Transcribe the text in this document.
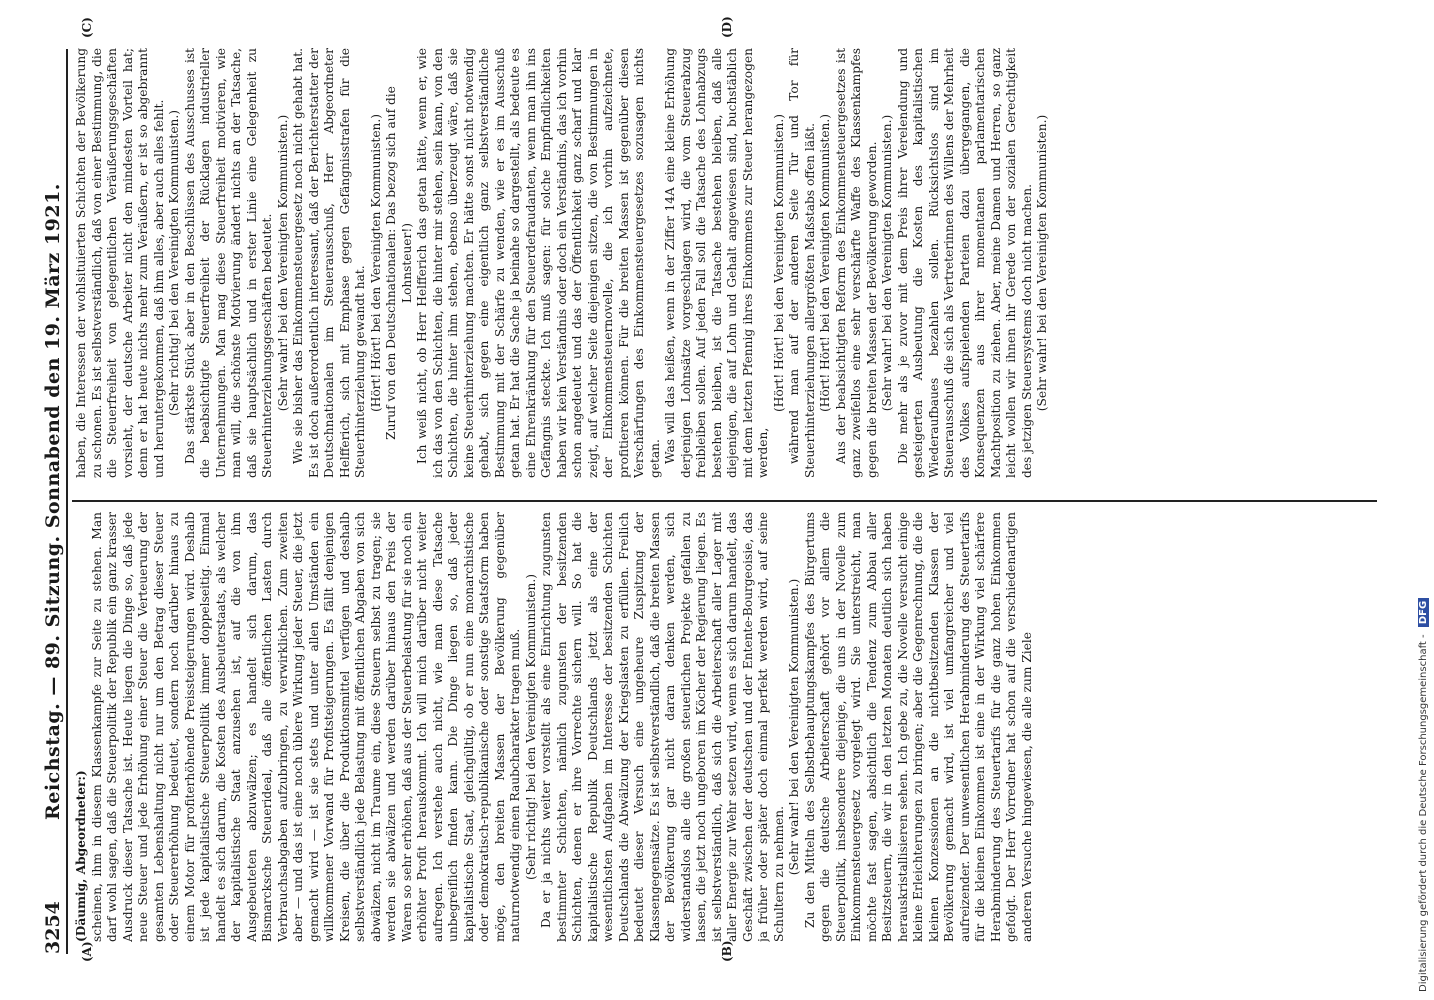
3254
Reichstag. — 89. Sitzung. Sonnabend den 19. März 1921.
(A)	(B)
(C)	(D)

(Däumig, Abgeordneter:) scheinen, ihm in diesem Klassenkampfe zur Seite zu stehen. Man darf wohl sagen, daß die Steuerpolitik der Republik ein ganz krasser Ausdruck dieser Tatsache ist. Heute liegen die Dinge so, daß jede neue Steuer und jede Erhöhung einer Steuer die Verteuerung der gesamten Lebenshaltung nicht nur um den Betrag dieser Steuer oder Steuererhöhung bedeutet, sondern noch darüber hinaus zu einem Motor für profiterhöhende Preissteigerungen wird. Deshalb ist jede kapitalistische Steuerpolitik immer doppelseitig. Einmal handelt es sich darum, die Kosten des Ausbeuterstaats, als welcher der kapitalistische Staat anzusehen ist, auf die von ihm Ausgebeuteten abzuwälzen; es handelt sich darum, das Bismarcksche Steuerideal, daß alle öffentlichen Lasten durch Verbrauchsabgaben aufzubringen, zu verwirklichen. Zum zweiten aber — und das ist eine noch üblere Wirkung jeder Steuer, die jetzt gemacht wird — ist sie stets und unter allen Umständen ein willkommener Vorwand für Profitsteigerungen. Es fällt denjenigen Kreisen, die über die Produktionsmittel verfügen und deshalb selbstverständlich jede Belastung mit öffentlichen Abgaben von sich abwälzen, nicht im Traume ein, diese Steuern selbst zu tragen; sie werden sie abwälzen und werden darüber hinaus den Preis der Waren so sehr erhöhen, daß aus der Steuerbelastung für sie noch ein erhöhter Profit herauskommt. Ich will mich darüber nicht weiter aufregen. Ich verstehe auch nicht, wie man diese Tatsache unbegreiflich finden kann. Die Dinge liegen so, daß jeder kapitalistische Staat, gleichgültig, ob er nun eine monarchistische oder demokratisch-republikanische oder sonstige Staatsform haben möge, den breiten Massen der Bevölkerung gegenüber naturnotwendig einen Raubcharakter tragen muß. (Sehr richtig! bei den Vereinigten Kommunisten.) Da er ja nichts weiter vorstellt als eine Einrichtung zugunsten bestimmter Schichten, nämlich zugunsten der besitzenden Schichten, denen er ihre Vorrechte sichern will. So hat die kapitalistische Republik Deutschlands jetzt als eine der wesentlichsten Aufgaben im Interesse der besitzenden Schichten Deutschlands die Abwälzung der Kriegslasten zu erfüllen. Freilich bedeutet dieser Versuch eine ungeheure Zuspitzung der Klassengegensätze. Es ist selbstverständlich, daß die breiten Massen der Bevölkerung gar nicht daran denken werden, sich widerstandslos alle die großen steuerlichen Projekte gefallen zu lassen, die jetzt noch ungeboren im Köcher der Regierung liegen. Es ist selbstverständlich, daß sich die Arbeiterschaft aller Lager mit aller Energie zur Wehr setzen wird, wenn es sich darum handelt, das Geschäft zwischen der deutschen und der Entente-Bourgeoisie, das ja früher oder später doch einmal perfekt werden wird, auf seine Schultern zu nehmen. (Sehr wahr! bei den Vereinigten Kommunisten.) Zu den Mitteln des Selbstbehauptungskampfes des Bürgertums gegen die deutsche Arbeiterschaft gehört vor allem die Steuerpolitik, insbesondere diejenige, die uns in der Novelle zum Einkommensteuergesetz vorgelegt wird. Sie unterstreicht, man möchte fast sagen, absichtlich die Tendenz zum Abbau aller Besitzsteuern, die wir in den letzten Monaten deutlich sich haben herauskristallisieren sehen. Ich gebe zu, die Novelle versucht einige kleine Erleichterungen zu bringen; aber die Gegenrechnung, die die kleinen Konzessionen an die nichtbesitzenden Klassen der Bevölkerung gemacht wird, ist viel umfangreicher und viel aufreizender. Der unwesentlichen Herabminderung des Steuertarifs für die kleinen Einkommen ist eine in der Wirkung viel schärfere Herabminderung des Steuertarifs für die ganz hohen Einkommen gefolgt. Der Herr Vorredner hat schon auf die verschiedenartigen anderen Versuche hingewiesen, die alle zum Ziele

haben, die Interessen der wohlsituierten Schichten der Bevölkerung zu schonen. Es ist selbstverständlich, daß von einer Bestimmung, die die Steuerfreiheit von gelegentlichen Veräußerungsgeschäften vorsieht, der deutsche Arbeiter nicht den mindesten Vorteil hat; denn er hat heute nichts mehr zum Veräußern, er ist so abgebrannt und heruntergekommen, daß ihm alles, aber auch alles fehlt. (Sehr richtig! bei den Vereinigten Kommunisten.) Das stärkste Stück aber in den Beschlüssen des Ausschusses ist die beabsichtigte Steuerfreiheit der Rücklagen industrieller Unternehmungen. Man mag diese Steuerfreiheit motivieren, wie man will, die schönste Motivierung ändert nichts an der Tatsache, daß sie hauptsächlich und in erster Linie eine Gelegenheit zu Steuerhinterziehungsgeschäften bedeutet. (Sehr wahr! bei den Vereinigten Kommunisten.) Wie sie bisher das Einkommensteuergesetz noch nicht gehabt hat. Es ist doch außerordentlich interessant, daß der Berichterstatter der Deutschnationalen im Steuerausschuß, Herr Abgeordneter Helfferich, sich mit Emphase gegen Gefängnisstrafen für die Steuerhinterziehung gewandt hat. (Hört! Hört! bei den Vereinigten Kommunisten.) Zuruf von den Deutschnationalen: Das bezog sich auf die Lohnsteuer!) Ich weiß nicht, ob Herr Helfferich das getan hätte, wenn er, wie ich das von den Schichten, die hinter mir stehen, sein kann, von den Schichten, die hinter ihm stehen, ebenso überzeugt wäre, daß sie keine Steuerhinterziehung machten. Er hätte sonst nicht notwendig gehabt, sich gegen eine eigentlich ganz selbstverständliche Bestimmung mit der Schärfe zu wenden, wie er es im Ausschuß getan hat. Er hat die Sache ja beinahe so dargestellt, als bedeute es eine Ehrenkränkung für den Steuerdefraudanten, wenn man ihn ins Gefängnis steckte. Ich muß sagen: für solche Empfindlichkeiten haben wir kein Verständnis oder doch ein Verständnis, das ich vorhin schon angedeutet und das der Öffentlichkeit ganz scharf und klar zeigt, auf welcher Seite diejenigen sitzen, die von Bestimmungen in der Einkommensteuernovelle, die ich vorhin aufzeichnete, profitieren können. Für die breiten Massen ist gegenüber diesen Verschärfungen des Einkommensteuergesetzes sozusagen nichts getan. Was will das heißen, wenn in der Ziffer 14A eine kleine Erhöhung derjenigen Lohnsätze vorgeschlagen wird, die vom Steuerabzug freibleiben sollen. Auf jeden Fall soll die Tatsache des Lohnabzugs bestehen bleiben, ist die Tatsache bestehen bleiben, daß alle diejenigen, die auf Lohn und Gehalt angewiesen sind, buchstäblich mit dem letzten Pfennig ihres Einkommens zur Steuer herangezogen werden,

(Hört! Hört! bei den Vereinigten Kommunisten.) während man auf der anderen Seite Tür und Tor für Steuerhinterziehungen allergrößten Maßstabs offen läßt. (Hört! Hört! bei den Vereinigten Kommunisten.) Aus der beabsichtigten Reform des Einkommensteuergesetzes ist ganz zweifellos eine sehr verschärfte Waffe des Klassenkampfes gegen die breiten Massen der Bevölkerung geworden. (Sehr wahr! bei den Vereinigten Kommunisten.) Die mehr als je zuvor mit dem Preis ihrer Verelendung und gesteigerten Ausbeutung die Kosten des kapitalistischen Wiederaufbaues bezahlen sollen. Rücksichtslos sind im Steuerausschuß die sich als Vertreterinnen des Willens der Mehrheit des Volkes aufspielenden Parteien dazu übergegangen, die Konsequenzen aus ihrer momentanen parlamentarischen Machtposition zu ziehen. Aber, meine Damen und Herren, so ganz leicht wollen wir ihnen ihr Gerede von der sozialen Gerechtigkeit des jetzigen Steuersystems doch nicht machen. (Sehr wahr! bei den Vereinigten Kommunisten.)

Digitalisierung gefördert durch die Deutsche Forschungsgemeinschaft - DFG
